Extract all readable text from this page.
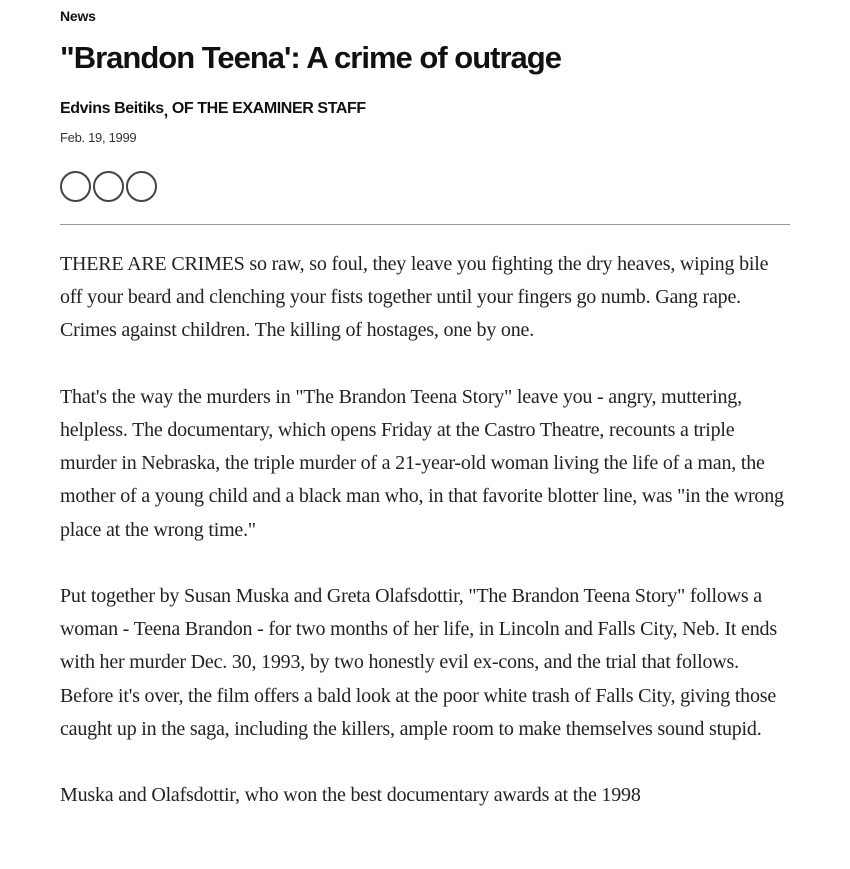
News
"Brandon Teena': A crime of outrage
Edvins Beitiks, OF THE EXAMINER STAFF
Feb. 19, 1999

THERE ARE CRIMES so raw, so foul, they leave you fighting the dry heaves, wiping bile off your beard and clenching your fists together until your fingers go numb. Gang rape. Crimes against children. The killing of hostages, one by one.

That's the way the murders in "The Brandon Teena Story" leave you - angry, muttering, helpless. The documentary, which opens Friday at the Castro Theatre, recounts a triple murder in Nebraska, the triple murder of a 21-year-old woman living the life of a man, the mother of a young child and a black man who, in that favorite blotter line, was "in the wrong place at the wrong time."

Put together by Susan Muska and Greta Olafsdottir, "The Brandon Teena Story" follows a woman - Teena Brandon - for two months of her life, in Lincoln and Falls City, Neb. It ends with her murder Dec. 30, 1993, by two honestly evil ex-cons, and the trial that follows. Before it's over, the film offers a bald look at the poor white trash of Falls City, giving those caught up in the saga, including the killers, ample room to make themselves sound stupid.

Muska and Olafsdottir, who won the best documentary awards at the 1998
